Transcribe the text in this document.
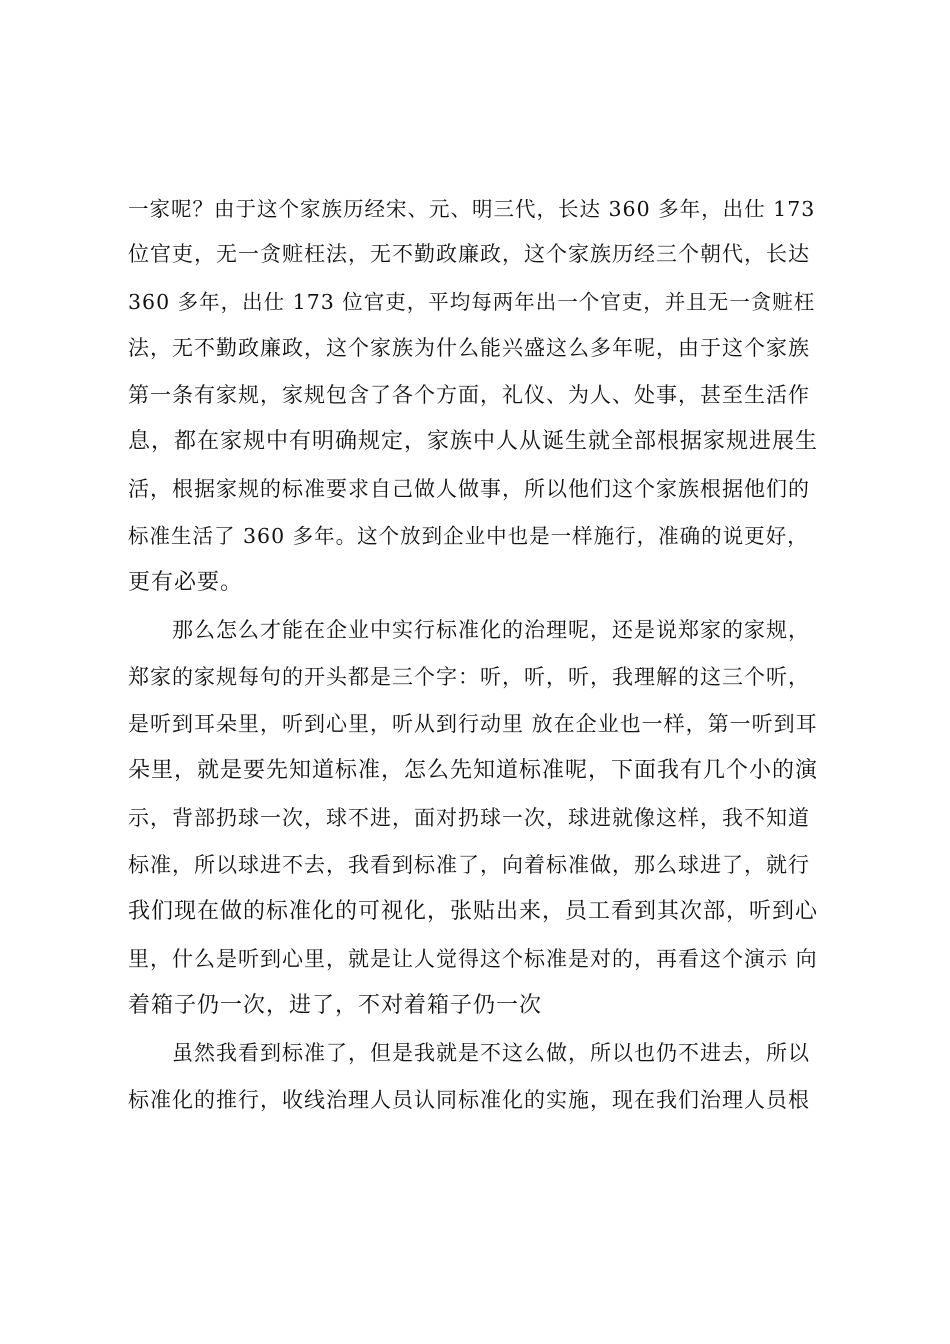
一家呢？由于这个家族历经宋、元、明三代，长达 360 多年，出仕 173
位官吏，无一贪赃枉法，无不勤政廉政，这个家族历经三个朝代，长达
360 多年，出仕 173 位官吏，平均每两年出一个官吏，并且无一贪赃枉
法，无不勤政廉政，这个家族为什么能兴盛这么多年呢，由于这个家族
第一条有家规，家规包含了各个方面，礼仪、为人、处事，甚至生活作
息，都在家规中有明确规定，家族中人从诞生就全部根据家规进展生
活，根据家规的标准要求自己做人做事，所以他们这个家族根据他们的
标准生活了 360 多年。这个放到企业中也是一样施行，准确的说更好，
更有必要。
那么怎么才能在企业中实行标准化的治理呢，还是说郑家的家规，
郑家的家规每句的开头都是三个字：听，听，听，我理解的这三个听，
是听到耳朵里，听到心里，听从到行动里 放在企业也一样，第一听到耳
朵里，就是要先知道标准，怎么先知道标准呢，下面我有几个小的演
示，背部扔球一次，球不进，面对扔球一次，球进就像这样，我不知道
标准，所以球进不去，我看到标准了，向着标准做，那么球进了，就行
我们现在做的标准化的可视化，张贴出来，员工看到其次部，听到心
里，什么是听到心里，就是让人觉得这个标准是对的，再看这个演示 向
着箱子仍一次，进了，不对着箱子仍一次
虽然我看到标准了，但是我就是不这么做，所以也仍不进去，所以
标准化的推行，收线治理人员认同标准化的实施，现在我们治理人员根
